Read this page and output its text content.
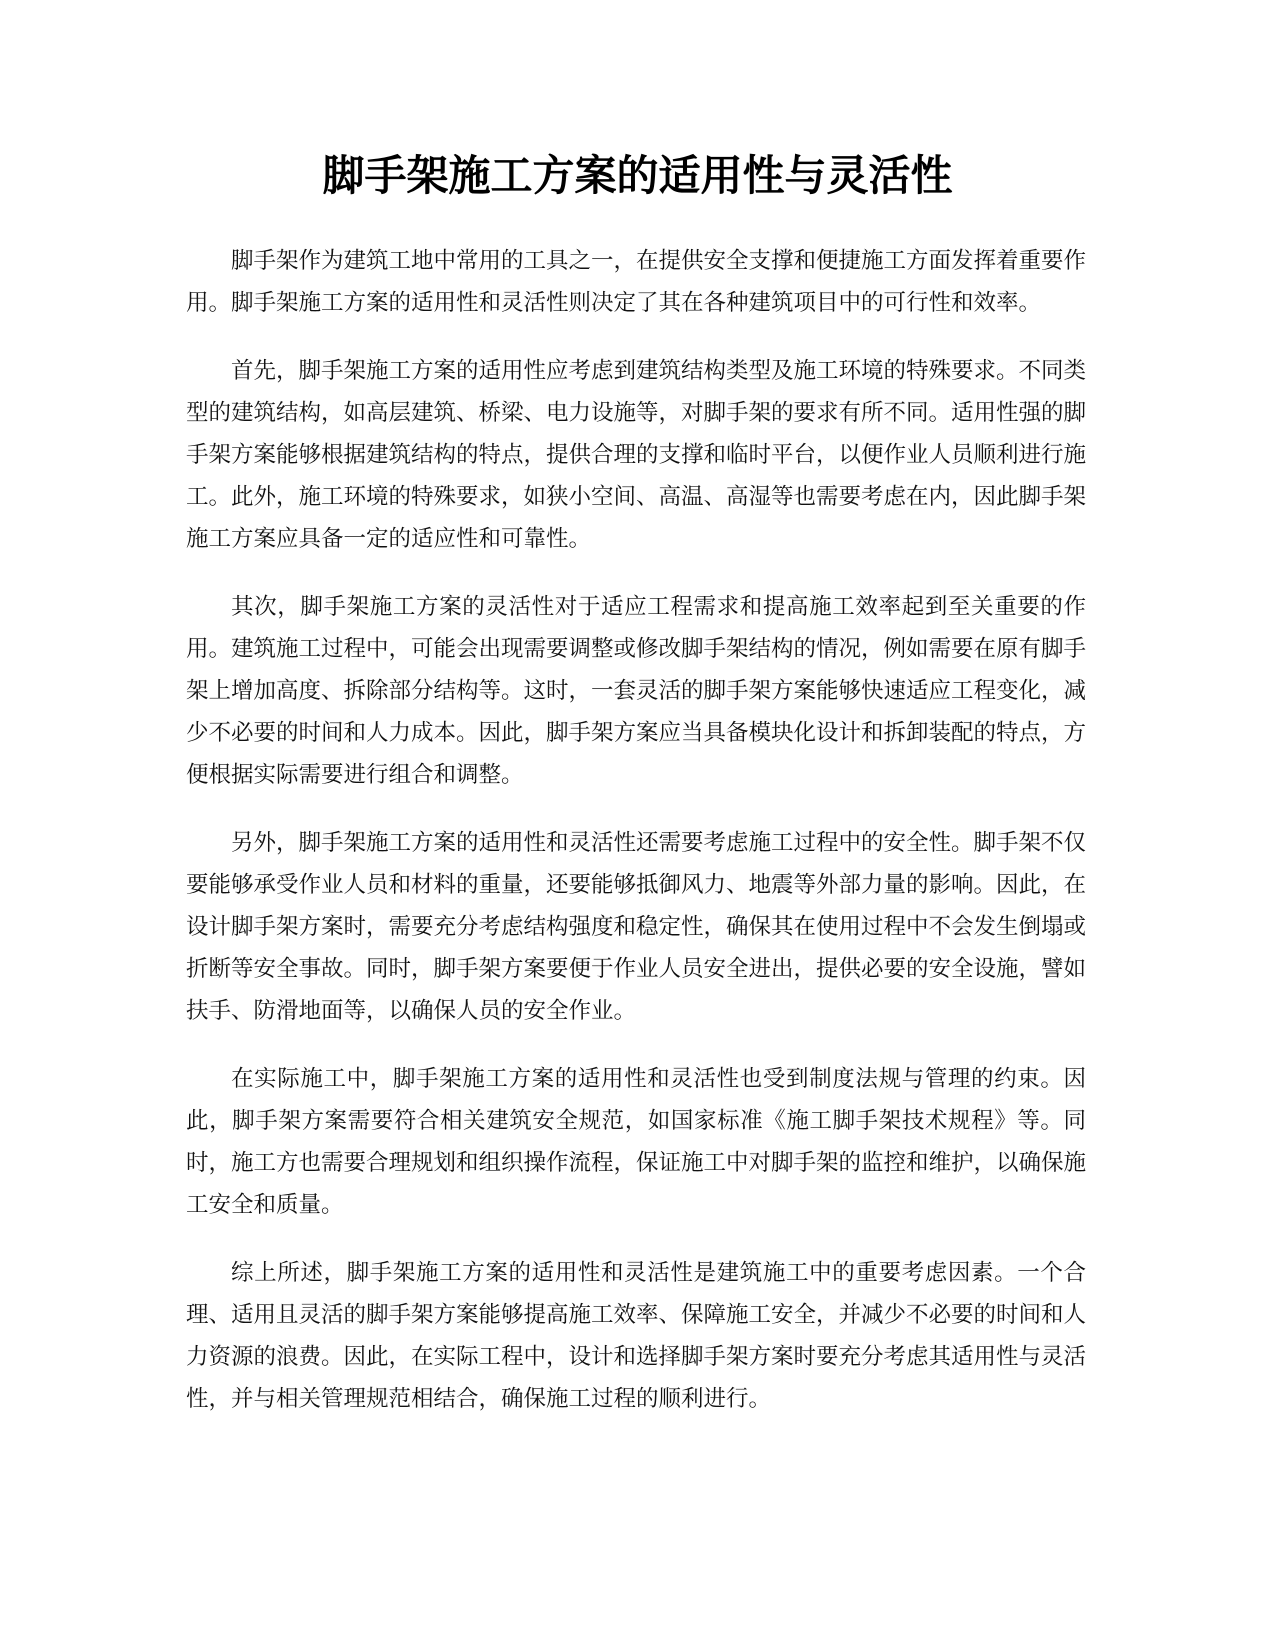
脚手架施工方案的适用性与灵活性

脚手架作为建筑工地中常用的工具之一，在提供安全支撑和便捷施工方面发挥着重要作用。脚手架施工方案的适用性和灵活性则决定了其在各种建筑项目中的可行性和效率。

首先，脚手架施工方案的适用性应考虑到建筑结构类型及施工环境的特殊要求。不同类型的建筑结构，如高层建筑、桥梁、电力设施等，对脚手架的要求有所不同。适用性强的脚手架方案能够根据建筑结构的特点，提供合理的支撑和临时平台，以便作业人员顺利进行施工。此外，施工环境的特殊要求，如狭小空间、高温、高湿等也需要考虑在内，因此脚手架施工方案应具备一定的适应性和可靠性。

其次，脚手架施工方案的灵活性对于适应工程需求和提高施工效率起到至关重要的作用。建筑施工过程中，可能会出现需要调整或修改脚手架结构的情况，例如需要在原有脚手架上增加高度、拆除部分结构等。这时，一套灵活的脚手架方案能够快速适应工程变化，减少不必要的时间和人力成本。因此，脚手架方案应当具备模块化设计和拆卸装配的特点，方便根据实际需要进行组合和调整。

另外，脚手架施工方案的适用性和灵活性还需要考虑施工过程中的安全性。脚手架不仅要能够承受作业人员和材料的重量，还要能够抵御风力、地震等外部力量的影响。因此，在设计脚手架方案时，需要充分考虑结构强度和稳定性，确保其在使用过程中不会发生倒塌或折断等安全事故。同时，脚手架方案要便于作业人员安全进出，提供必要的安全设施，譬如扶手、防滑地面等，以确保人员的安全作业。

在实际施工中，脚手架施工方案的适用性和灵活性也受到制度法规与管理的约束。因此，脚手架方案需要符合相关建筑安全规范，如国家标准《施工脚手架技术规程》等。同时，施工方也需要合理规划和组织操作流程，保证施工中对脚手架的监控和维护，以确保施工安全和质量。

综上所述，脚手架施工方案的适用性和灵活性是建筑施工中的重要考虑因素。一个合理、适用且灵活的脚手架方案能够提高施工效率、保障施工安全，并减少不必要的时间和人力资源的浪费。因此，在实际工程中，设计和选择脚手架方案时要充分考虑其适用性与灵活性，并与相关管理规范相结合，确保施工过程的顺利进行。
